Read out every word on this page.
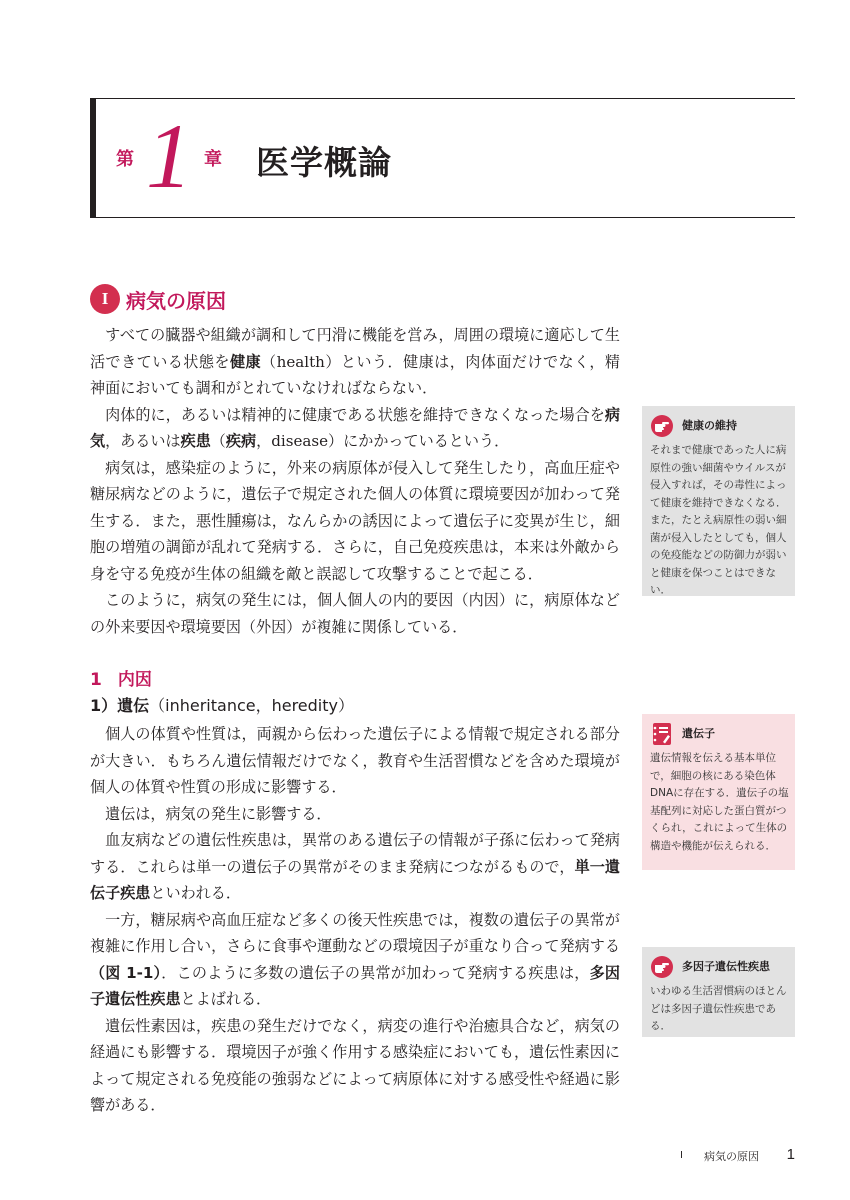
第 1 章 医学概論
I 病気の原因

すべての臓器や組織が調和して円滑に機能を営み，周囲の環境に適応して生活できている状態を健康（health）という．健康は，肉体面だけでなく，精神面においても調和がとれていなければならない．

肉体的に，あるいは精神的に健康である状態を維持できなくなった場合を病気，あるいは疾患（疾病，disease）にかかっているという．

病気は，感染症のように，外来の病原体が侵入して発生したり，高血圧症や糖尿病などのように，遺伝子で規定された個人の体質に環境要因が加わって発生する．また，悪性腫瘍は，なんらかの誘因によって遺伝子に変異が生じ，細胞の増殖の調節が乱れて発病する．さらに，自己免疫疾患は，本来は外敵から身を守る免疫が生体の組織を敵と誤認して攻撃することで起こる．

このように，病気の発生には，個人個人の内的要因（内因）に，病原体などの外来要因や環境要因（外因）が複雑に関係している．

1 内因
1）遺伝（inheritance，heredity）

個人の体質や性質は，両親から伝わった遺伝子による情報で規定される部分が大きい．もちろん遺伝情報だけでなく，教育や生活習慣などを含めた環境が個人の体質や性質の形成に影響する．

遺伝は，病気の発生に影響する．

血友病などの遺伝性疾患は，異常のある遺伝子の情報が子孫に伝わって発病する．これらは単一の遺伝子の異常がそのまま発病につながるもので，単一遺伝子疾患といわれる．

一方，糖尿病や高血圧症など多くの後天性疾患では，複数の遺伝子の異常が複雑に作用し合い，さらに食事や運動などの環境因子が重なり合って発病する（図 1-1）．このように多数の遺伝子の異常が加わって発病する疾患は，多因子遺伝性疾患とよばれる．

遺伝性素因は，疾患の発生だけでなく，病変の進行や治癒具合など，病気の経過にも影響する．環境因子が強く作用する感染症においても，遺伝性素因によって規定される免疫能の強弱などによって病原体に対する感受性や経過に影響がある．

健康の維持

それまで健康であった人に病原性の強い細菌やウイルスが侵入すれば，その毒性によって健康を維持できなくなる．また，たとえ病原性の弱い細菌が侵入したとしても，個人の免疫能などの防御力が弱いと健康を保つことはできない．

遺伝子

遺伝情報を伝える基本単位で，細胞の核にある染色体DNAに存在する．遺伝子の塩基配列に対応した蛋白質がつくられ，これによって生体の構造や機能が伝えられる．

多因子遺伝性疾患

いわゆる生活習慣病のほとんどは多因子遺伝性疾患である．

I 病気の原因 1
